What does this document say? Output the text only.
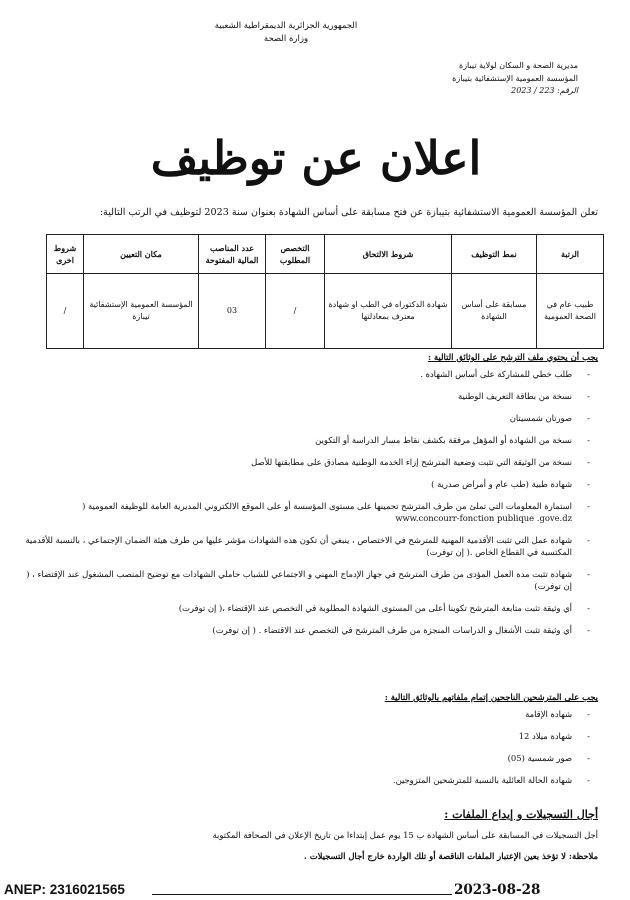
الجمهورية الجزائرية الديمقراطية الشعبية
وزارة الصحة
مديرية الصحة و السكان لولاية تيبازة
المؤسسة العمومية الإستشفائية بتيبازة
الرقم: 223 / 2023
اعلان عن توظيف
تعلن المؤسسة العمومية الاستشفائية بتيبازة عن فتح مسابقة على أساس الشهادة بعنوان سنة 2023 لتوظيف في الرتب التالية:
الرتبة	نمط التوظيف	شروط الالتحاق	التخصص المطلوب	عدد المناصب المالية المفتوحة	مكان التعيين	شروط اخرى
طبيب عام في الصحة العمومية	مسابقة على أساس الشهادة	شهادة الدكتوراه في الطب او شهادة معترف بمعادلتها	/	03	المؤسسة العمومية الإستشفائية تيبازة	/
يجب أن يحتوي ملف الترشح على الوثائق التالية :
- طلب خطي للمشاركة على أساس الشهادة .
- نسخة من بطاقة التعريف الوطنية
- صورتان شمسيتان
- نسخة من الشهادة أو المؤهل مرفقة بكشف نقاط مسار الدراسة أو التكوين
- نسخة من الوثيقة التي تثبت وضعية المترشح إزاء الخدمة الوطنية مصادق على مطابقتها للأصل
- شهادة طبية (طب عام و أمراض صدرية )
- استمارة المعلومات التي تملئ من طرف المترشح تحمينها على مستوى المؤسسة أو على الموقع الالكتروني المديرية العامة للوظيفة العمومية ( www.concourr-fonction publique .gove.dz
- شهادة عمل التي تثبت الأقدمية المهنية للمترشح في الاختصاص ، ينبغي أن تكون هذه الشهادات مؤشر عليها من طرف هيئة الضمان الإجتماعي ، بالنسبة للأقدمية المكتسبة في القطاع الخاص .( إن توفرت)
- شهادة تثبت مدة العمل المؤدى من طرف المترشح في جهاز الإدماج المهني و الاجتماعي للشباب حاملي الشهادات مع توضيح المنصب المشغول عند الإقتضاء ، ( إن توفرت)
- أي وثيقة تثبت متابعة المترشح تكوينا أعلى من المستوى الشهادة المطلوبة في التخصص عند الإقتضاء ،( إن توفرت)
- أي وثيقة تثبت الأشغال و الدراسات المنجزة من طرف المترشح في التخصص عند الاقتضاء . ( إن توفرت)
يجب على المترشحين الناجحين إتمام ملفاتهم بالوثائق التالية :
- شهادة الإقامة
- شهادة ميلاد 12
- صور شمسية (05)
- شهادة الحالة العائلية بالنسبة للمترشحين المتزوجين.
أجال التسجيلات و إيداع الملفات :
أجل التسجيلات في المسابقة على أساس الشهادة ب 15 يوم عمل إبتداءا من تاريخ الإعلان في الصحافة المكتوبة
ملاحظة: لا تؤخذ بعين الإعتبار الملفات الناقصة أو تلك الواردة خارج أجال التسجيلات .
ANEP: 2316021565	2023-08-28
